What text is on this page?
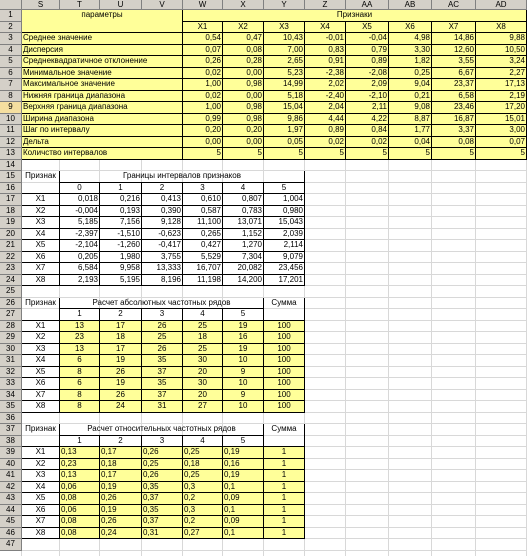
S	T	U	V	W	X	Y	Z	AA	AB	AC	AD
1
2
3
4
5
6
7
8
9
10
11
12
13
14
15
16
17
18
19
20
21
22
23
24
25
26
27
28
29
30
31
32
33
34
35
36
37
38
39
40
41
42
43
44
45
46
47
параметры	Признаки
X1	X2	X3	X4	X5	X6	X7	X8
Среднее значение	0,54	0,47	10,43	-0,01	-0,04	4,98	14,86	9,88
Дисперсия	0,07	0,08	7,00	0,83	0,79	3,30	12,60	10,50
Среднеквадратичное отклонение	0,26	0,28	2,65	0,91	0,89	1,82	3,55	3,24
Минимальное значение	0,02	0,00	5,23	-2,38	-2,08	0,25	6,67	2,27
Максимальное значение	1,00	0,98	14,99	2,02	2,09	9,04	23,37	17,13
Нижняя граница диапазона	0,02	0,00	5,18	-2,40	-2,10	0,21	6,58	2,19
Верхняя граница диапазона	1,00	0,98	15,04	2,04	2,11	9,08	23,46	17,20
Ширина диапазона	0,99	0,98	9,86	4,44	4,22	8,87	16,87	15,01
Шаг по интервалу	0,20	0,20	1,97	0,89	0,84	1,77	3,37	3,00
Дельта	0,00	0,00	0,05	0,02	0,02	0,04	0,08	0,07
Количство интервалов	5	5	5	5	5	5	5	5
Признак	Границы интервалов признаков
0	1	2	3	4	5
X1	0,018	0,216	0,413	0,610	0,807	1,004
X2	-0,004	0,193	0,390	0,587	0,783	0,980
X3	5,185	7,156	9,128	11,100	13,071	15,043
X4	-2,397	-1,510	-0,623	0,265	1,152	2,039
X5	-2,104	-1,260	-0,417	0,427	1,270	2,114
X6	0,205	1,980	3,755	5,529	7,304	9,079
X7	6,584	9,958	13,333	16,707	20,082	23,456
X8	2,193	5,195	8,196	11,198	14,200	17,201
Признак	Расчет абсолютных частотных рядов	Сумма
1	2	3	4	5
X1	13	17	26	25	19	100
X2	23	18	25	18	16	100
X3	13	17	26	25	19	100
X4	6	19	35	30	10	100
X5	8	26	37	20	9	100
X6	6	19	35	30	10	100
X7	8	26	37	20	9	100
X8	8	24	31	27	10	100
Признак	Расчет относительных частотных рядов	Сумма
1	2	3	4	5
X1	0,13	0,17	0,26	0,25	0,19	1
X2	0,23	0,18	0,25	0,18	0,16	1
X3	0,13	0,17	0,26	0,25	0,19	1
X4	0,06	0,19	0,35	0,3	0,1	1
X5	0,08	0,26	0,37	0,2	0,09	1
X6	0,06	0,19	0,35	0,3	0,1	1
X7	0,08	0,26	0,37	0,2	0,09	1
X8	0,08	0,24	0,31	0,27	0,1	1
